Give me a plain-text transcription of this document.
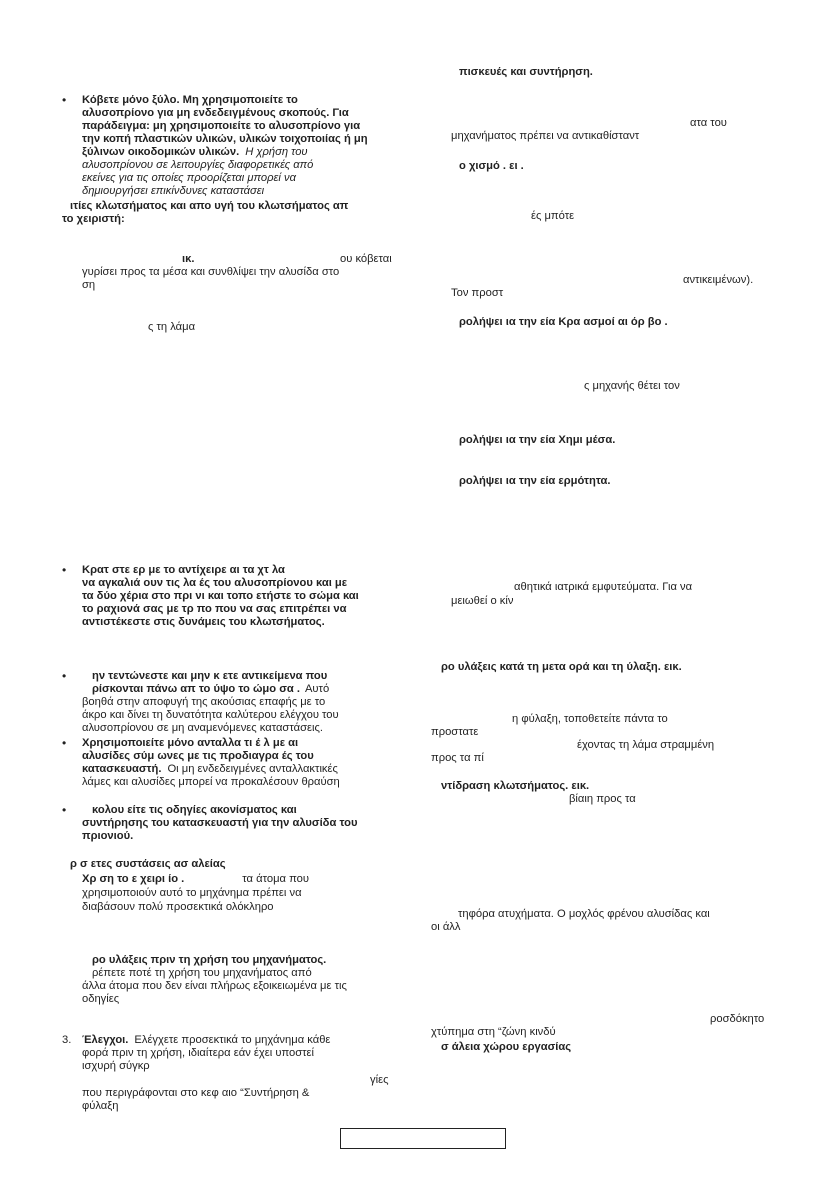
• Κόβετε μόνο ξύλο. Μη χρησιμοποιείτε το

αλυσοπρίονο για μη ενδεδειγμένους σκοπούς. Για

παράδειγμα: μη χρησιμοποιείτε το αλυσοπρίονο για

την κοπή πλαστικών υλικών, υλικών τοιχοποιίας ή μη

ξύλινων οικοδομικών υλικών. Η χρήση του

αλυσοπρίονου σε λειτουργίες διαφορετικές από

εκείνες για τις οποίες προορίζεται μπορεί να

δημιουργήσει επικίνδυνες καταστάσει

ιτίες κλωτσήματος και απο υγή του κλωτσήματος απ

το χειριστή:

ικ.	ου κόβεται

γυρίσει προς τα μέσα και συνθλίψει την αλυσίδα στο

ση

ς τη λάμα

• Κρατ στε ερ με το αντίχειρε αι τα χτ λα

να αγκαλιά ουν τις λα ές του αλυσοπρίονου και με

τα δύο χέρια στο πρι νι και τοπο ετήστε το σώμα και

το ραχιονά σας με τρ πο που να σας επιτρέπει να

αντιστέκεστε στις δυνάμεις του κλωτσήματος.

• ην τεντώνεστε και μην κ ετε αντικείμενα που

ρίσκονται πάνω απ το ύψο το ώμο σα . Αυτό

βοηθά στην αποφυγή της ακούσιας επαφής με το

άκρο και δίνει τη δυνατότητα καλύτερου ελέγχου του

αλυσοπρίονου σε μη αναμενόμενες καταστάσεις.

• Χρησιμοποιείτε μόνο ανταλλα τι έ λ με αι

αλυσίδες σύμ ωνες με τις προδιαγρα ές του

κατασκευαστή. Οι μη ενδεδειγμένες ανταλλακτικές

λάμες και αλυσίδες μπορεί να προκαλέσουν θραύση

• κολου είτε τις οδηγίες ακονίσματος και

συντήρησης του κατασκευαστή για την αλυσίδα του

πριονιού.

ρ σ ετες συστάσεις ασ αλείας

Χρ ση το ε χειρι ίο .	τα άτομα που

χρησιμοποιούν αυτό το μηχάνημα πρέπει να

διαβάσουν πολύ προσεκτικά ολόκληρο

ρο υλάξεις πριν τη χρήση του μηχανήματος.

ρέπετε ποτέ τη χρήση του μηχανήματος από

άλλα άτομα που δεν είναι πλήρως εξοικειωμένα με τις

οδηγίες

3. Έλεγχοι. Ελέγχετε προσεκτικά το μηχάνημα κάθε

φορά πριν τη χρήση, ιδιαίτερα εάν έχει υποστεί

ισχυρή σύγκρ

γίες

που περιγράφονται στο κεφ αιο “Συντήρηση &

φύλαξη

πισκευές και συντήρηση.

ατα του

μηχανήματος πρέπει να αντικαθίσταντ

ο χισμό . ει .

ές μπότε

αντικειμένων).

Τον προστ

ρολήψει ια την εία Κρα ασμοί αι όρ βο .

ς μηχανής θέτει τον

ρολήψει ια την εία Χημι μέσα.

ρολήψει ια την εία ερμότητα.

αθητικά ιατρικά εμφυτεύματα. Για να

μειωθεί ο κίν

ρο υλάξεις κατά τη μετα ορά και τη ύλαξη. εικ.

η φύλαξη, τοποθετείτε πάντα το

προστατε

έχοντας τη λάμα στραμμένη

προς τα πί

ντίδραση κλωτσήματος. εικ.

βίαιη προς τα

τηφόρα ατυχήματα. Ο μοχλός φρένου αλυσίδας και

οι άλλ

ροσδόκητο

χτύπημα στη “ζώνη κινδύ

σ άλεια χώρου εργασίας
